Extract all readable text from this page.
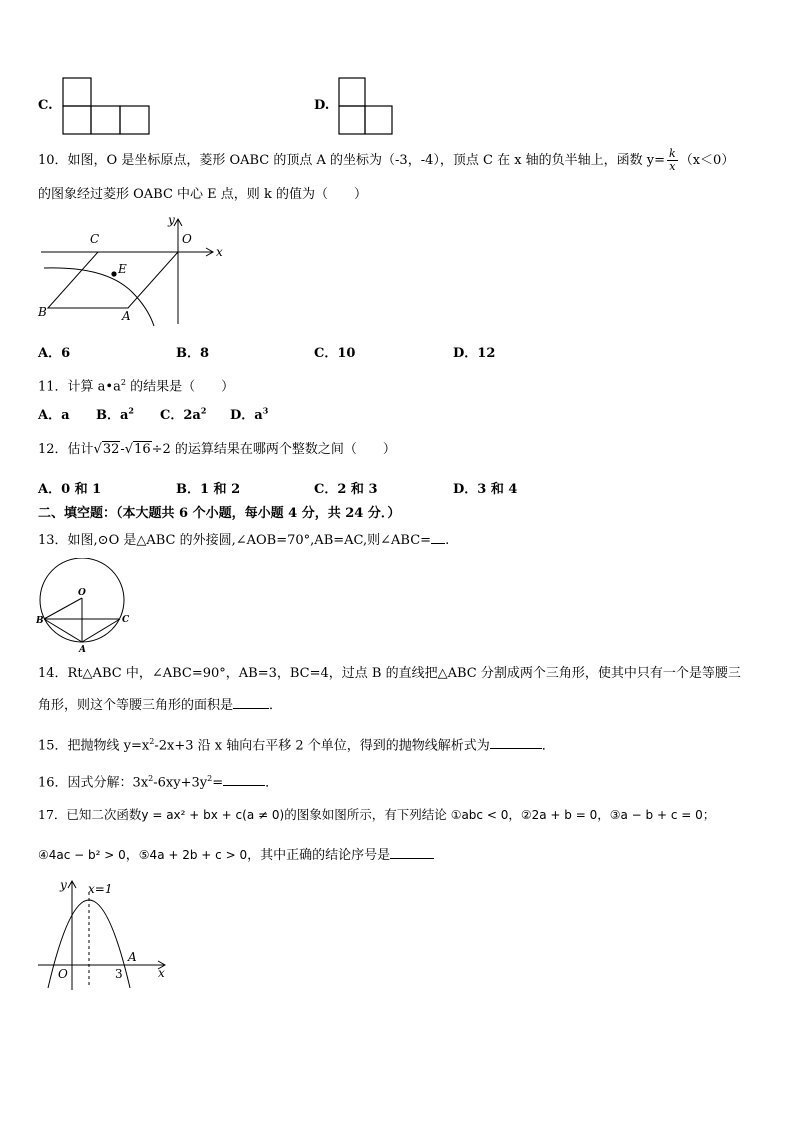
C.	D.
10．如图，O 是坐标原点，菱形 OABC 的顶点 A 的坐标为（-3，-4），顶点 C 在 x 轴的负半轴上，函数 $y= \frac{k}{x} (x<0)$
的图象经过菱形 OABC 中心 E 点，则 k 的值为（　　）
C	O
y
x
E
B	A
A．6	B．8	C．10	D．12
11．计算 $a•a^2$ 的结果是（　　）
A．a B．$a^2$ C．$2a^2$ D．$a^3$
12．估计√32-√16÷2 的运算结果在哪两个整数之间（　　）
A．0 和 1	B．1 和 2	C．2 和 3	D．3 和 4
二、填空题：（本大题共 6 个小题，每小题 4 分，共 24 分．）
13．如图,⊙O 是△ABC 的外接圆,∠AOB=70°,AB=AC,则∠ABC= .
O
B	C
A
14．Rt△ABC 中，∠ABC=90°，AB=3，BC=4，过点 B 的直线把△ABC 分割成两个三角形，使其中只有一个是等腰三
角形，则这个等腰三角形的面积是	．
15．把抛物线 $y=x^2-2x+3$ 沿 x 轴向右平移 2 个单位，得到的抛物线解析式为	．
16．因式分解：$3x^2-6xy+3y^2=$	．
17．已知二次函数y = ax² + bx + c(a ≠ 0)的图象如图所示，有下列结论 ①abc < 0，②2a + b = 0，③a − b + c = 0；
④4ac − b² > 0，⑤4a + 2b + c > 0，其中正确的结论序号是
y x=1
A
O	3	x
